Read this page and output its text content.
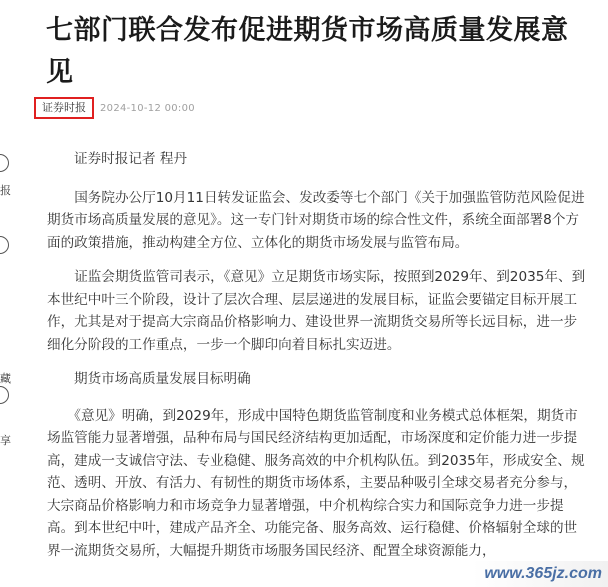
报
藏
享
七部门联合发布促进期货市场高质量发展意见
证券时报	2024-10-12 00:00

证券时报记者 程丹

国务院办公厅10月11日转发证监会、发改委等七个部门《关于加强监管防范风险促进期货市场高质量发展的意见》。这一专门针对期货市场的综合性文件，系统全面部署8个方面的政策措施，推动构建全方位、立体化的期货市场发展与监管布局。

证监会期货监管司表示，《意见》立足期货市场实际，按照到2029年、到2035年、到本世纪中叶三个阶段，设计了层次合理、层层递进的发展目标，证监会要锚定目标开展工作，尤其是对于提高大宗商品价格影响力、建设世界一流期货交易所等长远目标，进一步细化分阶段的工作重点，一步一个脚印向着目标扎实迈进。

期货市场高质量发展目标明确

《意见》明确，到2029年，形成中国特色期货监管制度和业务模式总体框架，期货市场监管能力显著增强，品种布局与国民经济结构更加适配，市场深度和定价能力进一步提高，建成一支诚信守法、专业稳健、服务高效的中介机构队伍。到2035年，形成安全、规范、透明、开放、有活力、有韧性的期货市场体系，主要品种吸引全球交易者充分参与，大宗商品价格影响力和市场竞争力显著增强，中介机构综合实力和国际竞争力进一步提高。到本世纪中叶，建成产品齐全、功能完备、服务高效、运行稳健、价格辐射全球的世界一流期货交易所，大幅提升期货市场服务国民经济、配置全球资源能力，

www.365jz.com
